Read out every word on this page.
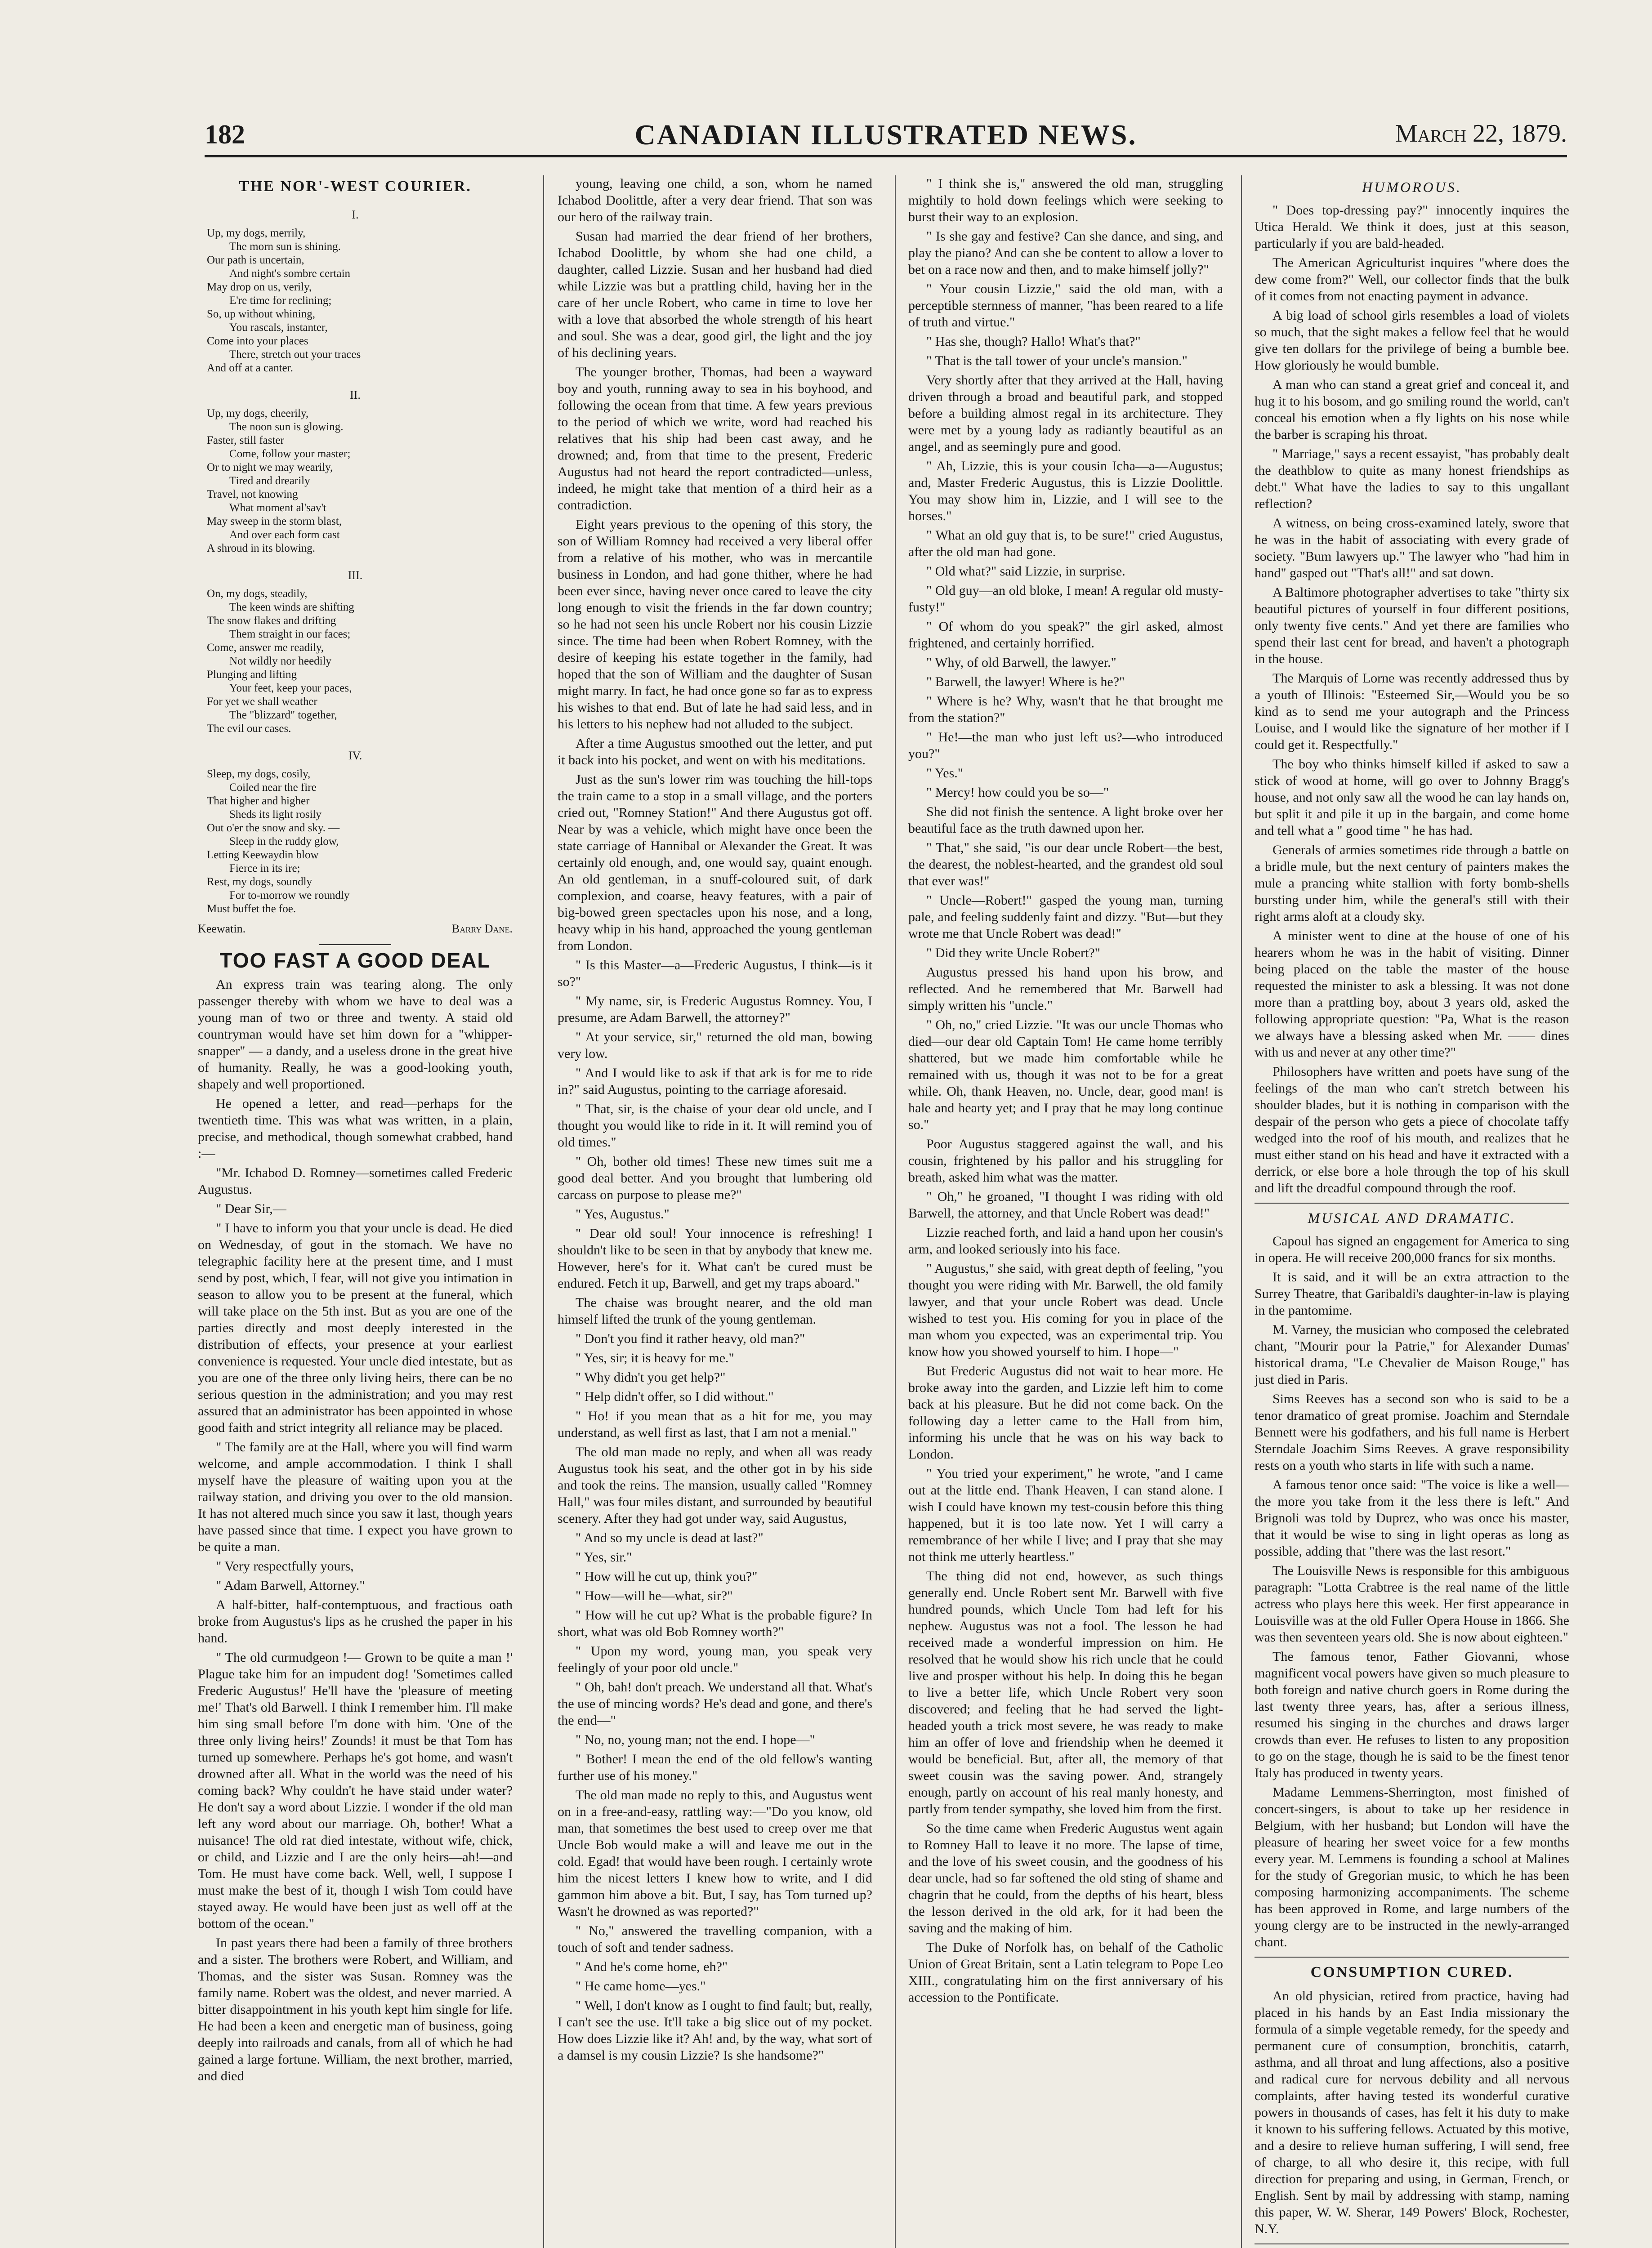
182	CANADIAN ILLUSTRATED NEWS.	March 22, 1879.
THE NOR'-WEST COURIER.
I.
Up, my dogs, merrily,
The morn sun is shining.
Our path is uncertain,
And night's sombre certain
May drop on us, verily,
E're time for reclining;
So, up without whining,
You rascals, instanter,
Come into your places
There, stretch out your traces
And off at a canter.
II.
Up, my dogs, cheerily,
The noon sun is glowing.
Faster, still faster
Come, follow your master;
Or to night we may wearily,
Tired and drearily
Travel, not knowing
What moment al'sav't
May sweep in the storm blast,
And over each form cast
A shroud in its blowing.
III.
On, my dogs, steadily,
The keen winds are shifting
The snow flakes and drifting
Them straight in our faces;
Come, answer me readily,
Not wildly nor heedily
Plunging and lifting
Your feet, keep your paces,
For yet we shall weather
The "blizzard" together,
The evil our cases.
IV.
Sleep, my dogs, cosily,
Coiled near the fire
That higher and higher
Sheds its light rosily
Out o'er the snow and sky. —
Sleep in the ruddy glow,
Letting Keewaydin blow
Fierce in its ire;
Rest, my dogs, soundly
For to-morrow we roundly
Must buffet the foe.
Keewatin.	Barry Dane.
TOO FAST A GOOD DEAL

An express train was tearing along. The only passenger thereby with whom we have to deal was a young man of two or three and twenty. A staid old countryman would have set him down for a "whipper-snapper" — a dandy, and a useless drone in the great hive of humanity. Really, he was a good-looking youth, shapely and well proportioned.

He opened a letter, and read—perhaps for the twentieth time. This was what was written, in a plain, precise, and methodical, though somewhat crabbed, hand :—

"Mr. Ichabod D. Romney—sometimes called Frederic Augustus.

" Dear Sir,—

" I have to inform you that your uncle is dead. He died on Wednesday, of gout in the stomach. We have no telegraphic facility here at the present time, and I must send by post, which, I fear, will not give you intimation in season to allow you to be present at the funeral, which will take place on the 5th inst. But as you are one of the parties directly and most deeply interested in the distribution of effects, your presence at your earliest convenience is requested. Your uncle died intestate, but as you are one of the three only living heirs, there can be no serious question in the administration; and you may rest assured that an administrator has been appointed in whose good faith and strict integrity all reliance may be placed.

" The family are at the Hall, where you will find warm welcome, and ample accommodation. I think I shall myself have the pleasure of waiting upon you at the railway station, and driving you over to the old mansion. It has not altered much since you saw it last, though years have passed since that time. I expect you have grown to be quite a man.

" Very respectfully yours,

" Adam Barwell, Attorney."

A half-bitter, half-contemptuous, and fractious oath broke from Augustus's lips as he crushed the paper in his hand.

" The old curmudgeon !— Grown to be quite a man !' Plague take him for an impudent dog! 'Sometimes called Frederic Augustus!' He'll have the 'pleasure of meeting me!' That's old Barwell. I think I remember him. I'll make him sing small before I'm done with him. 'One of the three only living heirs!' Zounds! it must be that Tom has turned up somewhere. Perhaps he's got home, and wasn't drowned after all. What in the world was the need of his coming back? Why couldn't he have staid under water? He don't say a word about Lizzie. I wonder if the old man left any word about our marriage. Oh, bother! What a nuisance! The old rat died intestate, without wife, chick, or child, and Lizzie and I are the only heirs—ah!—and Tom. He must have come back. Well, well, I suppose I must make the best of it, though I wish Tom could have stayed away. He would have been just as well off at the bottom of the ocean."

In past years there had been a family of three brothers and a sister. The brothers were Robert, and William, and Thomas, and the sister was Susan. Romney was the family name. Robert was the oldest, and never married. A bitter disappointment in his youth kept him single for life. He had been a keen and energetic man of business, going deeply into railroads and canals, from all of which he had gained a large fortune. William, the next brother, married, and died

young, leaving one child, a son, whom he named Ichabod Doolittle, after a very dear friend. That son was our hero of the railway train.

Susan had married the dear friend of her brothers, Ichabod Doolittle, by whom she had one child, a daughter, called Lizzie. Susan and her husband had died while Lizzie was but a prattling child, having her in the care of her uncle Robert, who came in time to love her with a love that absorbed the whole strength of his heart and soul. She was a dear, good girl, the light and the joy of his declining years.

The younger brother, Thomas, had been a wayward boy and youth, running away to sea in his boyhood, and following the ocean from that time. A few years previous to the period of which we write, word had reached his relatives that his ship had been cast away, and he drowned; and, from that time to the present, Frederic Augustus had not heard the report contradicted—unless, indeed, he might take that mention of a third heir as a contradiction.

Eight years previous to the opening of this story, the son of William Romney had received a very liberal offer from a relative of his mother, who was in mercantile business in London, and had gone thither, where he had been ever since, having never once cared to leave the city long enough to visit the friends in the far down country; so he had not seen his uncle Robert nor his cousin Lizzie since. The time had been when Robert Romney, with the desire of keeping his estate together in the family, had hoped that the son of William and the daughter of Susan might marry. In fact, he had once gone so far as to express his wishes to that end. But of late he had said less, and in his letters to his nephew had not alluded to the subject.

After a time Augustus smoothed out the letter, and put it back into his pocket, and went on with his meditations.

Just as the sun's lower rim was touching the hill-tops the train came to a stop in a small village, and the porters cried out, "Romney Station!" And there Augustus got off. Near by was a vehicle, which might have once been the state carriage of Hannibal or Alexander the Great. It was certainly old enough, and, one would say, quaint enough. An old gentleman, in a snuff-coloured suit, of dark complexion, and coarse, heavy features, with a pair of big-bowed green spectacles upon his nose, and a long, heavy whip in his hand, approached the young gentleman from London.

" Is this Master—a—Frederic Augustus, I think—is it so?"

" My name, sir, is Frederic Augustus Romney. You, I presume, are Adam Barwell, the attorney?"

" At your service, sir," returned the old man, bowing very low.

" And I would like to ask if that ark is for me to ride in?" said Augustus, pointing to the carriage aforesaid.

" That, sir, is the chaise of your dear old uncle, and I thought you would like to ride in it. It will remind you of old times."

" Oh, bother old times! These new times suit me a good deal better. And you brought that lumbering old carcass on purpose to please me?"

" Yes, Augustus."

" Dear old soul! Your innocence is refreshing! I shouldn't like to be seen in that by anybody that knew me. However, here's for it. What can't be cured must be endured. Fetch it up, Barwell, and get my traps aboard."

The chaise was brought nearer, and the old man himself lifted the trunk of the young gentleman.

" Don't you find it rather heavy, old man?"

" Yes, sir; it is heavy for me."

" Why didn't you get help?"

" Help didn't offer, so I did without."

" Ho! if you mean that as a hit for me, you may understand, as well first as last, that I am not a menial."

The old man made no reply, and when all was ready Augustus took his seat, and the other got in by his side and took the reins. The mansion, usually called "Romney Hall," was four miles distant, and surrounded by beautiful scenery. After they had got under way, said Augustus,

" And so my uncle is dead at last?"

" Yes, sir."

" How will he cut up, think you?"

" How—will he—what, sir?"

" How will he cut up? What is the probable figure? In short, what was old Bob Romney worth?"

" Upon my word, young man, you speak very feelingly of your poor old uncle."

" Oh, bah! don't preach. We understand all that. What's the use of mincing words? He's dead and gone, and there's the end—"

" No, no, young man; not the end. I hope—"

" Bother! I mean the end of the old fellow's wanting further use of his money."

The old man made no reply to this, and Augustus went on in a free-and-easy, rattling way:—"Do you know, old man, that sometimes the best used to creep over me that Uncle Bob would make a will and leave me out in the cold. Egad! that would have been rough. I certainly wrote him the nicest letters I knew how to write, and I did gammon him above a bit. But, I say, has Tom turned up? Wasn't he drowned as was reported?"

" No," answered the travelling companion, with a touch of soft and tender sadness.

" And he's come home, eh?"

" He came home—yes."

" Well, I don't know as I ought to find fault; but, really, I can't see the use. It'll take a big slice out of my pocket. How does Lizzie like it? Ah! and, by the way, what sort of a damsel is my cousin Lizzie? Is she handsome?"

" I think she is," answered the old man, struggling mightily to hold down feelings which were seeking to burst their way to an explosion.

" Is she gay and festive? Can she dance, and sing, and play the piano? And can she be content to allow a lover to bet on a race now and then, and to make himself jolly?"

" Your cousin Lizzie," said the old man, with a perceptible sternness of manner, "has been reared to a life of truth and virtue."

" Has she, though? Hallo! What's that?"

" That is the tall tower of your uncle's mansion."

Very shortly after that they arrived at the Hall, having driven through a broad and beautiful park, and stopped before a building almost regal in its architecture. They were met by a young lady as radiantly beautiful as an angel, and as seemingly pure and good.

" Ah, Lizzie, this is your cousin Icha—a—Augustus; and, Master Frederic Augustus, this is Lizzie Doolittle. You may show him in, Lizzie, and I will see to the horses."

" What an old guy that is, to be sure!" cried Augustus, after the old man had gone.

" Old what?" said Lizzie, in surprise.

" Old guy—an old bloke, I mean! A regular old musty-fusty!"

" Of whom do you speak?" the girl asked, almost frightened, and certainly horrified.

" Why, of old Barwell, the lawyer."

" Barwell, the lawyer! Where is he?"

" Where is he? Why, wasn't that he that brought me from the station?"

" He!—the man who just left us?—who introduced you?"

" Yes."

" Mercy! how could you be so—"

She did not finish the sentence. A light broke over her beautiful face as the truth dawned upon her.

" That," she said, "is our dear uncle Robert—the best, the dearest, the noblest-hearted, and the grandest old soul that ever was!"

" Uncle—Robert!" gasped the young man, turning pale, and feeling suddenly faint and dizzy. "But—but they wrote me that Uncle Robert was dead!"

" Did they write Uncle Robert?"

Augustus pressed his hand upon his brow, and reflected. And he remembered that Mr. Barwell had simply written his "uncle."

" Oh, no," cried Lizzie. "It was our uncle Thomas who died—our dear old Captain Tom! He came home terribly shattered, but we made him comfortable while he remained with us, though it was not to be for a great while. Oh, thank Heaven, no. Uncle, dear, good man! is hale and hearty yet; and I pray that he may long continue so."

Poor Augustus staggered against the wall, and his cousin, frightened by his pallor and his struggling for breath, asked him what was the matter.

" Oh," he groaned, "I thought I was riding with old Barwell, the attorney, and that Uncle Robert was dead!"

Lizzie reached forth, and laid a hand upon her cousin's arm, and looked seriously into his face.

" Augustus," she said, with great depth of feeling, "you thought you were riding with Mr. Barwell, the old family lawyer, and that your uncle Robert was dead. Uncle wished to test you. His coming for you in place of the man whom you expected, was an experimental trip. You know how you showed yourself to him. I hope—"

But Frederic Augustus did not wait to hear more. He broke away into the garden, and Lizzie left him to come back at his pleasure. But he did not come back. On the following day a letter came to the Hall from him, informing his uncle that he was on his way back to London.

" You tried your experiment," he wrote, "and I came out at the little end. Thank Heaven, I can stand alone. I wish I could have known my test-cousin before this thing happened, but it is too late now. Yet I will carry a remembrance of her while I live; and I pray that she may not think me utterly heartless."

The thing did not end, however, as such things generally end. Uncle Robert sent Mr. Barwell with five hundred pounds, which Uncle Tom had left for his nephew. Augustus was not a fool. The lesson he had received made a wonderful impression on him. He resolved that he would show his rich uncle that he could live and prosper without his help. In doing this he began to live a better life, which Uncle Robert very soon discovered; and feeling that he had served the light-headed youth a trick most severe, he was ready to make him an offer of love and friendship when he deemed it would be beneficial. But, after all, the memory of that sweet cousin was the saving power. And, strangely enough, partly on account of his real manly honesty, and partly from tender sympathy, she loved him from the first.

So the time came when Frederic Augustus went again to Romney Hall to leave it no more. The lapse of time, and the love of his sweet cousin, and the goodness of his dear uncle, had so far softened the old sting of shame and chagrin that he could, from the depths of his heart, bless the lesson derived in the old ark, for it had been the saving and the making of him.

The Duke of Norfolk has, on behalf of the Catholic Union of Great Britain, sent a Latin telegram to Pope Leo XIII., congratulating him on the first anniversary of his accession to the Pontificate.

HUMOROUS.

" Does top-dressing pay?" innocently inquires the Utica Herald. We think it does, just at this season, particularly if you are bald-headed.

The American Agriculturist inquires "where does the dew come from?" Well, our collector finds that the bulk of it comes from not enacting payment in advance.

A big load of school girls resembles a load of violets so much, that the sight makes a fellow feel that he would give ten dollars for the privilege of being a bumble bee. How gloriously he would bumble.

A man who can stand a great grief and conceal it, and hug it to his bosom, and go smiling round the world, can't conceal his emotion when a fly lights on his nose while the barber is scraping his throat.

" Marriage," says a recent essayist, "has probably dealt the deathblow to quite as many honest friendships as debt." What have the ladies to say to this ungallant reflection?

A witness, on being cross-examined lately, swore that he was in the habit of associating with every grade of society. "Bum lawyers up." The lawyer who "had him in hand" gasped out "That's all!" and sat down.

A Baltimore photographer advertises to take "thirty six beautiful pictures of yourself in four different positions, only twenty five cents." And yet there are families who spend their last cent for bread, and haven't a photograph in the house.

The Marquis of Lorne was recently addressed thus by a youth of Illinois: "Esteemed Sir,—Would you be so kind as to send me your autograph and the Princess Louise, and I would like the signature of her mother if I could get it. Respectfully."

The boy who thinks himself killed if asked to saw a stick of wood at home, will go over to Johnny Bragg's house, and not only saw all the wood he can lay hands on, but split it and pile it up in the bargain, and come home and tell what a " good time " he has had.

Generals of armies sometimes ride through a battle on a bridle mule, but the next century of painters makes the mule a prancing white stallion with forty bomb-shells bursting under him, while the general's still with their right arms aloft at a cloudy sky.

A minister went to dine at the house of one of his hearers whom he was in the habit of visiting. Dinner being placed on the table the master of the house requested the minister to ask a blessing. It was not done more than a prattling boy, about 3 years old, asked the following appropriate question: "Pa, What is the reason we always have a blessing asked when Mr. —— dines with us and never at any other time?"

Philosophers have written and poets have sung of the feelings of the man who can't stretch between his shoulder blades, but it is nothing in comparison with the despair of the person who gets a piece of chocolate taffy wedged into the roof of his mouth, and realizes that he must either stand on his head and have it extracted with a derrick, or else bore a hole through the top of his skull and lift the dreadful compound through the roof.

MUSICAL AND DRAMATIC.

Capoul has signed an engagement for America to sing in opera. He will receive 200,000 francs for six months.

It is said, and it will be an extra attraction to the Surrey Theatre, that Garibaldi's daughter-in-law is playing in the pantomime.

M. Varney, the musician who composed the celebrated chant, "Mourir pour la Patrie," for Alexander Dumas' historical drama, "Le Chevalier de Maison Rouge," has just died in Paris.

Sims Reeves has a second son who is said to be a tenor dramatico of great promise. Joachim and Sterndale Bennett were his godfathers, and his full name is Herbert Sterndale Joachim Sims Reeves. A grave responsibility rests on a youth who starts in life with such a name.

A famous tenor once said: "The voice is like a well—the more you take from it the less there is left." And Brignoli was told by Duprez, who was once his master, that it would be wise to sing in light operas as long as possible, adding that "there was the last resort."

The Louisville News is responsible for this ambiguous paragraph: "Lotta Crabtree is the real name of the little actress who plays here this week. Her first appearance in Louisville was at the old Fuller Opera House in 1866. She was then seventeen years old. She is now about eighteen."

The famous tenor, Father Giovanni, whose magnificent vocal powers have given so much pleasure to both foreign and native church goers in Rome during the last twenty three years, has, after a serious illness, resumed his singing in the churches and draws larger crowds than ever. He refuses to listen to any proposition to go on the stage, though he is said to be the finest tenor Italy has produced in twenty years.

Madame Lemmens-Sherrington, most finished of concert-singers, is about to take up her residence in Belgium, with her husband; but London will have the pleasure of hearing her sweet voice for a few months every year. M. Lemmens is founding a school at Malines for the study of Gregorian music, to which he has been composing harmonizing accompaniments. The scheme has been approved in Rome, and large numbers of the young clergy are to be instructed in the newly-arranged chant.

CONSUMPTION CURED.

An old physician, retired from practice, having had placed in his hands by an East India missionary the formula of a simple vegetable remedy, for the speedy and permanent cure of consumption, bronchitis, catarrh, asthma, and all throat and lung affections, also a positive and radical cure for nervous debility and all nervous complaints, after having tested its wonderful curative powers in thousands of cases, has felt it his duty to make it known to his suffering fellows. Actuated by this motive, and a desire to relieve human suffering, I will send, free of charge, to all who desire it, this recipe, with full direction for preparing and using, in German, French, or English. Sent by mail by addressing with stamp, naming this paper, W. W. Sherar, 149 Powers' Block, Rochester, N.Y.
